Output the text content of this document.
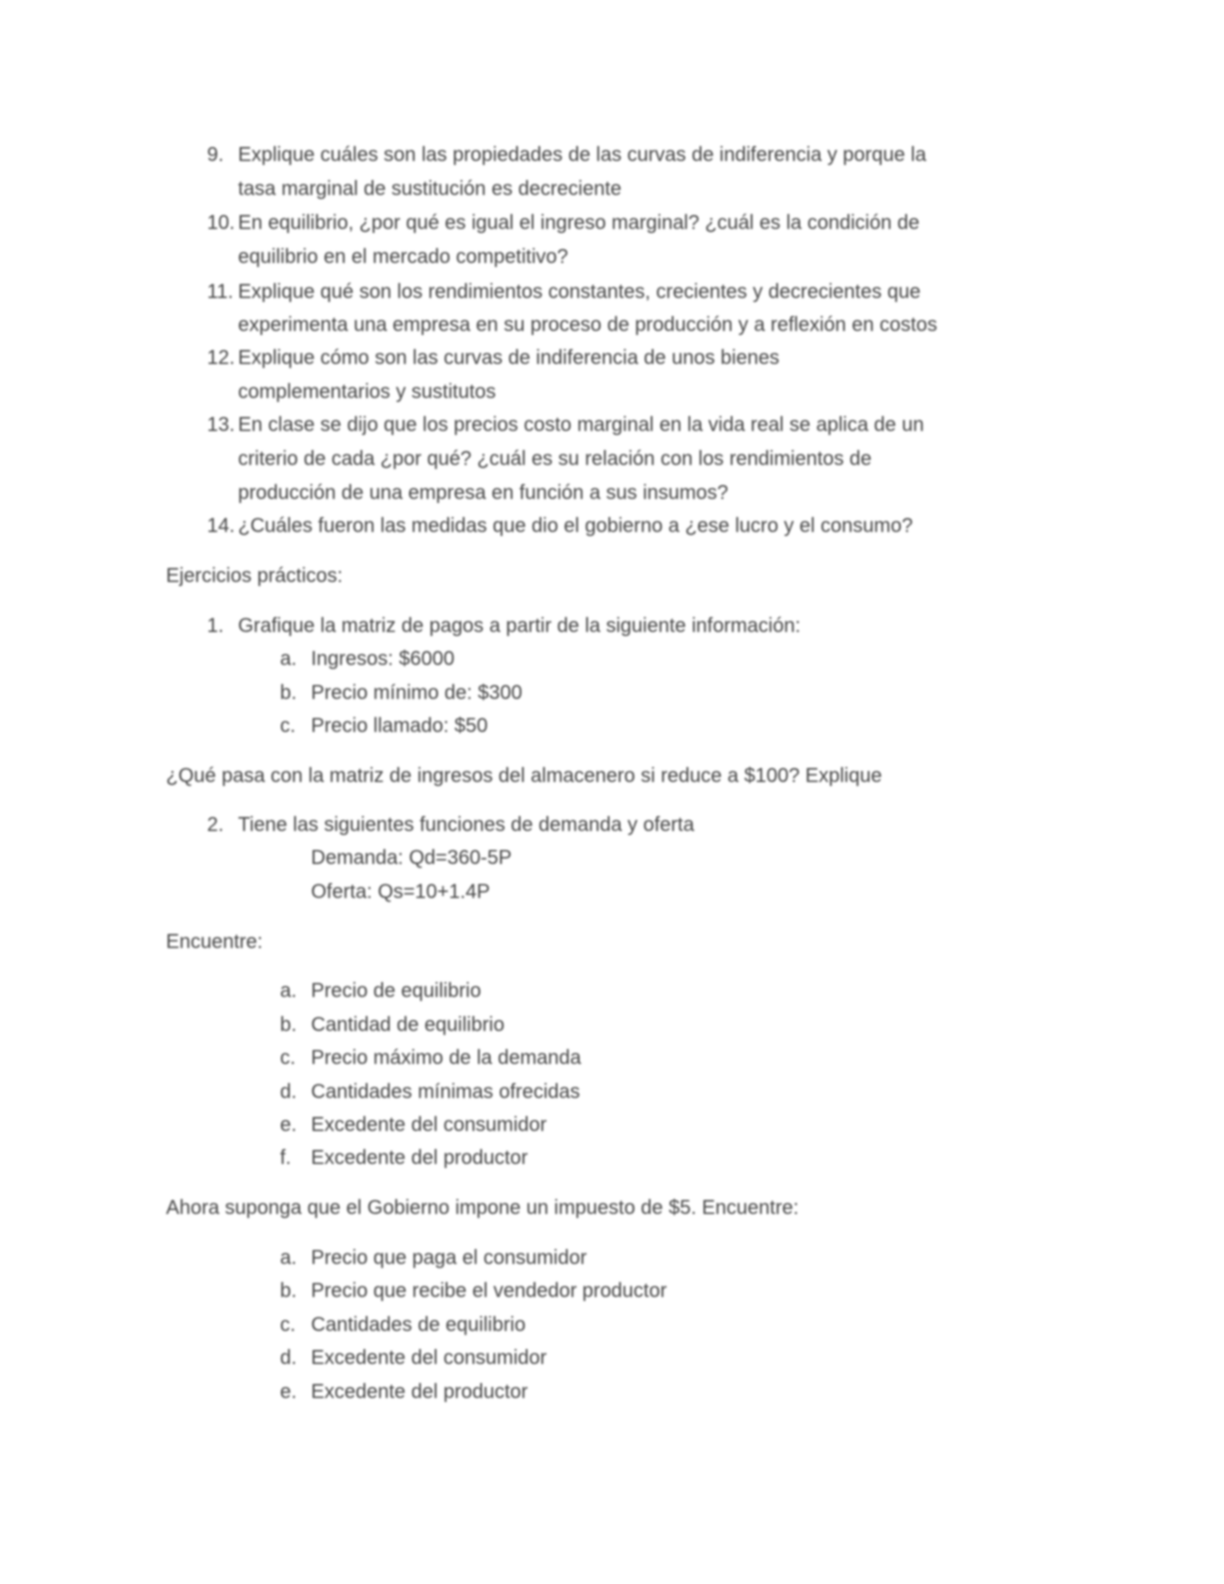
9. Explique cuáles son las propiedades de las curvas de indiferencia y porque la
tasa marginal de sustitución es decreciente
10. En equilibrio, ¿por qué es igual el ingreso marginal? ¿cuál es la condición de
equilibrio en el mercado competitivo?
11. Explique qué son los rendimientos constantes, crecientes y decrecientes que
experimenta una empresa en su proceso de producción y a reflexión en costos
12. Explique cómo son las curvas de indiferencia de unos bienes
complementarios y sustitutos
13. En clase se dijo que los precios costo marginal en la vida real se aplica de un
criterio de cada ¿por qué? ¿cuál es su relación con los rendimientos de
producción de una empresa en función a sus insumos?
14. ¿Cuáles fueron las medidas que dio el gobierno a ¿ese lucro y el consumo?
Ejercicios prácticos:
1. Grafique la matriz de pagos a partir de la siguiente información:
a. Ingresos: $6000
b. Precio mínimo de: $300
c. Precio llamado: $50
¿Qué pasa con la matriz de ingresos del almacenero si reduce a $100? Explique
2. Tiene las siguientes funciones de demanda y oferta
Demanda: Qd=360-5P
Oferta: Qs=10+1.4P
Encuentre:
a. Precio de equilibrio
b. Cantidad de equilibrio
c. Precio máximo de la demanda
d. Cantidades mínimas ofrecidas
e. Excedente del consumidor
f. Excedente del productor
Ahora suponga que el Gobierno impone un impuesto de $5. Encuentre:
a. Precio que paga el consumidor
b. Precio que recibe el vendedor productor
c. Cantidades de equilibrio
d. Excedente del consumidor
e. Excedente del productor
